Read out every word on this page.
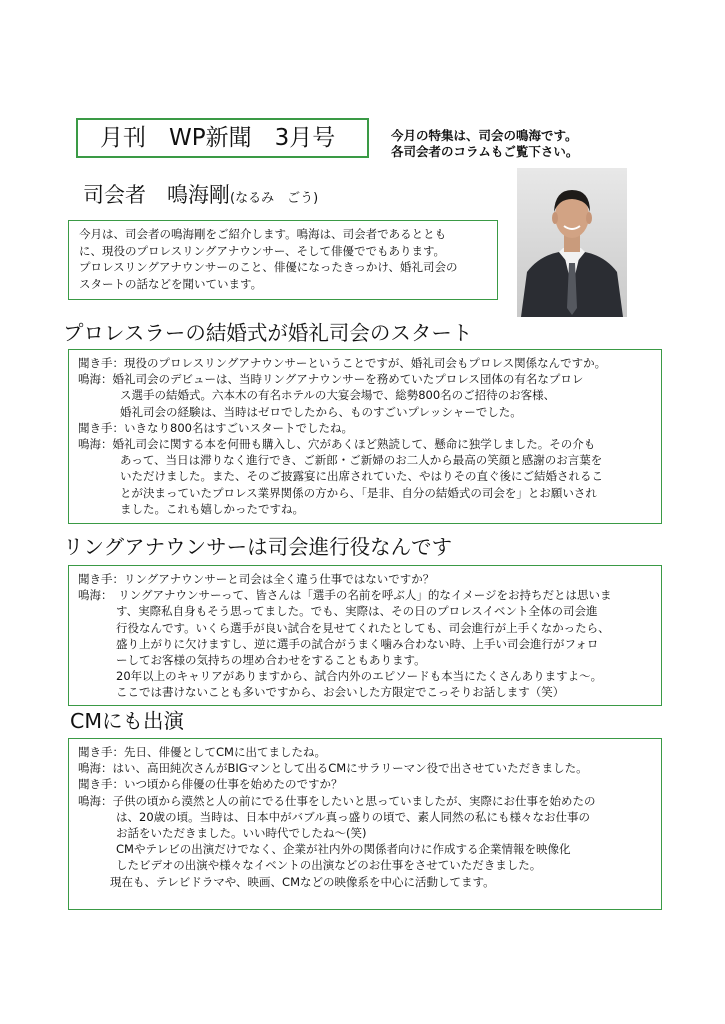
月刊　WP新聞　3月号	今月の特集は、司会の鳴海です。
各司会者のコラムもご覧下さい。
司会者　鳴海剛(なるみ　ごう)
今月は、司会者の鳴海剛をご紹介します。鳴海は、司会者であるととも
に、現役のプロレスリングアナウンサー、そして俳優ででもあります。
プロレスリングアナウンサーのこと、俳優になったきっかけ、婚礼司会の
スタートの話などを聞いています。
プロレスラーの結婚式が婚礼司会のスタート
聞き手：現役のプロレスリングアナウンサーということですが、婚礼司会もプロレス関係なんですか。
鳴海：婚礼司会のデビューは、当時リングアナウンサーを務めていたプロレス団体の有名なプロレ
ス選手の結婚式。六本木の有名ホテルの大宴会場で、総勢800名のご招待のお客様、
婚礼司会の経験は、当時はゼロでしたから、ものすごいプレッシャーでした。
聞き手：いきなり800名はすごいスタートでしたね。
鳴海：婚礼司会に関する本を何冊も購入し、穴があくほど熟読して、懸命に独学しました。その介も
あって、当日は滞りなく進行でき、ご新郎・ご新婦のお二人から最高の笑顔と感謝のお言葉を
いただけました。また、そのご披露宴に出席されていた、やはりその直ぐ後にご結婚されるこ
とが決まっていたプロレス業界関係の方から、「是非、自分の結婚式の司会を」とお願いされ
ました。これも嬉しかったですね。
リングアナウンサーは司会進行役なんです
聞き手：リングアナウンサーと司会は全く違う仕事ではないですか？
鳴海：　リングアナウンサーって、皆さんは「選手の名前を呼ぶ人」的なイメージをお持ちだとは思いま
す、実際私自身もそう思ってました。でも、実際は、その日のプロレスイベント全体の司会進
行役なんです。いくら選手が良い試合を見せてくれたとしても、司会進行が上手くなかったら、
盛り上がりに欠けますし、逆に選手の試合がうまく噛み合わない時、上手い司会進行がフォロ
ーしてお客様の気持ちの埋め合わせをすることもあります。
20年以上のキャリアがありますから、試合内外のエピソードも本当にたくさんありますよ〜。
ここでは書けないことも多いですから、お会いした方限定でこっそりお話します（笑）
CMにも出演
聞き手：先日、俳優としてCMに出てましたね。
鳴海：はい、高田純次さんがBIGマンとして出るCMにサラリーマン役で出させていただきました。
聞き手：いつ頃から俳優の仕事を始めたのですか？
鳴海：子供の頃から漠然と人の前にでる仕事をしたいと思っていましたが、実際にお仕事を始めたの
は、20歳の頃。当時は、日本中がバブル真っ盛りの頃で、素人同然の私にも様々なお仕事の
お話をいただきました。いい時代でしたね〜(笑)
CMやテレビの出演だけでなく、企業が社内外の関係者向けに作成する企業情報を映像化
したビデオの出演や様々なイベントの出演などのお仕事をさせていただきました。
現在も、テレビドラマや、映画、CMなどの映像系を中心に活動してます。
